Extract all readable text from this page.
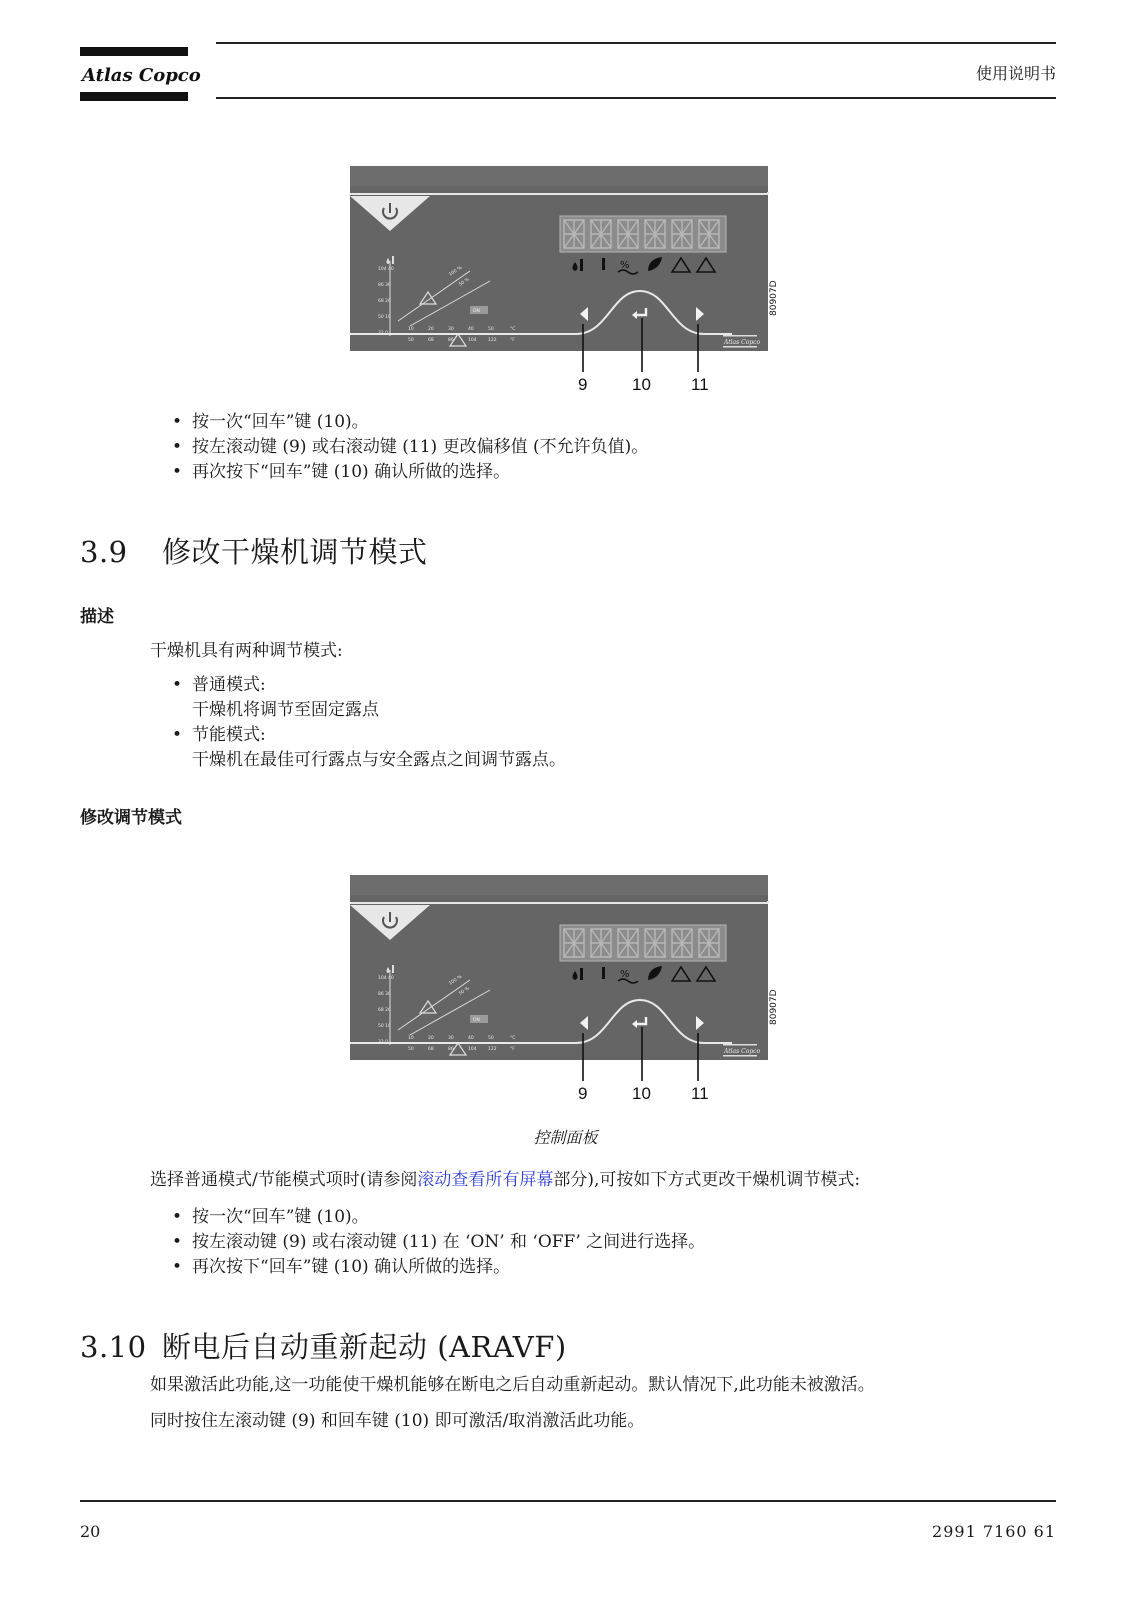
Atlas Copco	使用说明书
%
104 40
86 30
68 20
50 10
32 0
10	20	30	40	50
50	68	86	104	122
°C
°F
100 %
50 %
ON
Atlas Copco
80907D
9	10 11
• 按一次“回车”键 (10)。
• 按左滚动键 (9) 或右滚动键 (11) 更改偏移值 (不允许负值)。
• 再次按下“回车”键 (10) 确认所做的选择。
3.9 修改干燥机调节模式
描述

干燥机具有两种调节模式:

• 普通模式:
干燥机将调节至固定露点
• 节能模式:
干燥机在最佳可行露点与安全露点之间调节露点。
修改调节模式
%
104 40
86 30
68 20
50 10
32 0
10	20	30	40	50
50	68	86	104	122
°C
°F
100 %
50 %
ON
Atlas Copco
80907D
9	10 11
控制面板

选择普通模式/节能模式项时(请参阅滚动查看所有屏幕部分),可按如下方式更改干燥机调节模式:

• 按一次“回车”键 (10)。
• 按左滚动键 (9) 或右滚动键 (11) 在 ‘ON’ 和 ‘OFF’ 之间进行选择。
• 再次按下“回车”键 (10) 确认所做的选择。
3.10 断电后自动重新起动 (ARAVF)

如果激活此功能,这一功能使干燥机能够在断电之后自动重新起动。默认情况下,此功能未被激活。

同时按住左滚动键 (9) 和回车键 (10) 即可激活/取消激活此功能。

20	2991 7160 61
